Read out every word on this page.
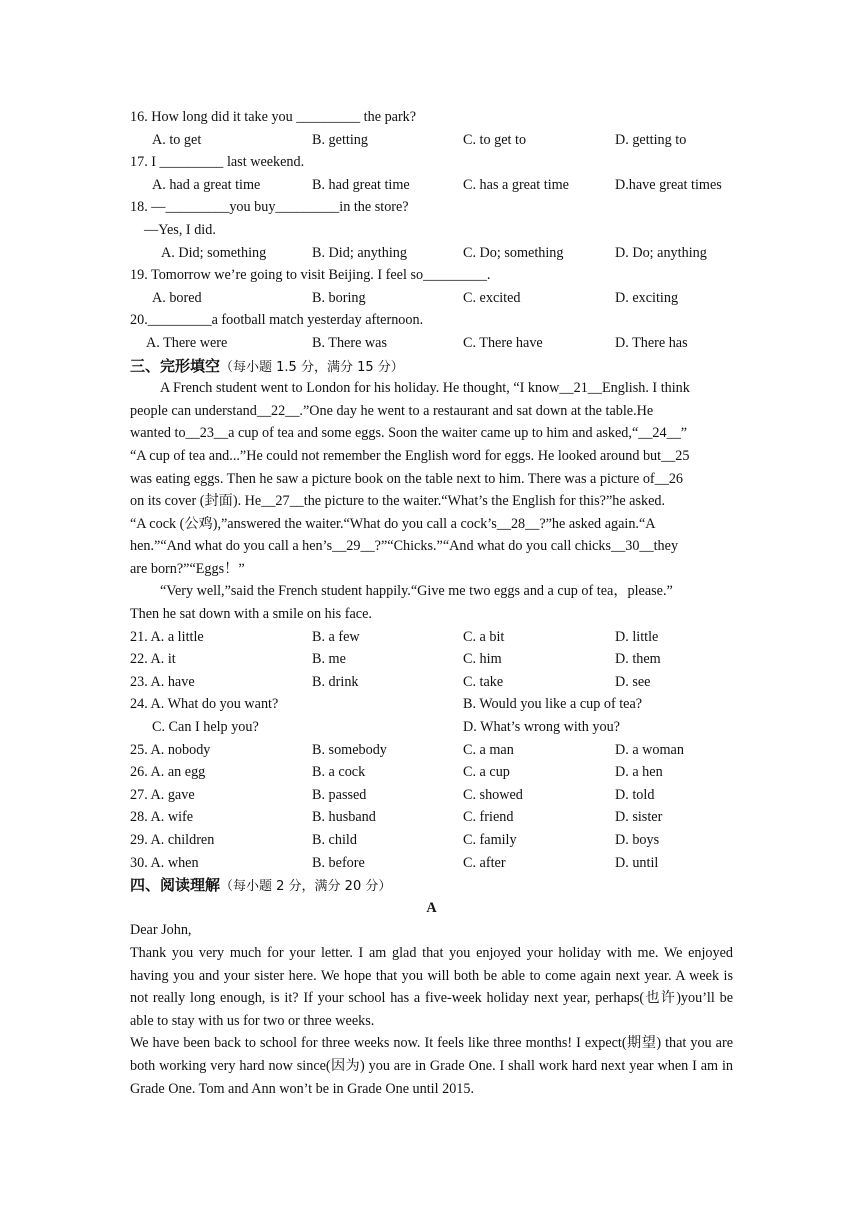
16. How long did it take you _________ the park?
A. to get	B. getting	C. to get to	D. getting to
17. I _________ last weekend.
A. had a great time	B. had great time	C. has a great time	D.have great times
18. —_________you buy_________in the store?
—Yes, I did.
A. Did; something	B. Did; anything	C. Do; something	D. Do; anything
19. Tomorrow we’re going to visit Beijing. I feel so_________.
A. bored	B. boring	C. excited	D. exciting
20._________a football match yesterday afternoon.
A. There were	B. There was	C. There have	D. There has
三、完形填空（每小题 1.5 分，满分 15 分）
A French student went to London for his holiday. He thought, “I know__21__English. I think
people can understand__22__.”One day he went to a restaurant and sat down at the table.He
wanted to__23__a cup of tea and some eggs. Soon the waiter came up to him and asked,“__24__”
“A cup of tea and...”He could not remember the English word for eggs. He looked around but__25
was eating eggs. Then he saw a picture book on the table next to him. There was a picture of__26
on its cover (封面). He__27__the picture to the waiter.“What’s the English for this?”he asked.
“A cock (公鸡),”answered the waiter.“What do you call a cock’s__28__?”he asked again.“A
hen.”“And what do you call a hen’s__29__?”“Chicks.”“And what do you call chicks__30__they
are born?”“Eggs！”
“Very well,”said the French student happily.“Give me two eggs and a cup of tea，please.”
Then he sat down with a smile on his face.
21. A. a little	B. a few	C. a bit	D. little
22. A. it	B. me	C. him	D. them
23. A. have	B. drink	C. take	D. see
24. A. What do you want?	B. Would you like a cup of tea?
C. Can I help you?	D. What’s wrong with you?
25. A. nobody	B. somebody	C. a man	D. a woman
26. A. an egg	B. a cock	C. a cup	D. a hen
27. A. gave	B. passed	C. showed	D. told
28. A. wife	B. husband	C. friend	D. sister
29. A. children	B. child	C. family	D. boys
30. A. when	B. before	C. after	D. until
四、阅读理解（每小题 2 分，满分 20 分）
A
Dear John,
Thank you very much for your letter. I am glad that you enjoyed your holiday with me. We enjoyed having you and your sister here. We hope that you will both be able to come again next year. A week is not really long enough, is it? If your school has a five-week holiday next year, perhaps(也许)you’ll be able to stay with us for two or three weeks.
We have been back to school for three weeks now. It feels like three months! I expect(期望) that you are both working very hard now since(因为) you are in Grade One. I shall work hard next year when I am in Grade One. Tom and Ann won’t be in Grade One until 2015.
